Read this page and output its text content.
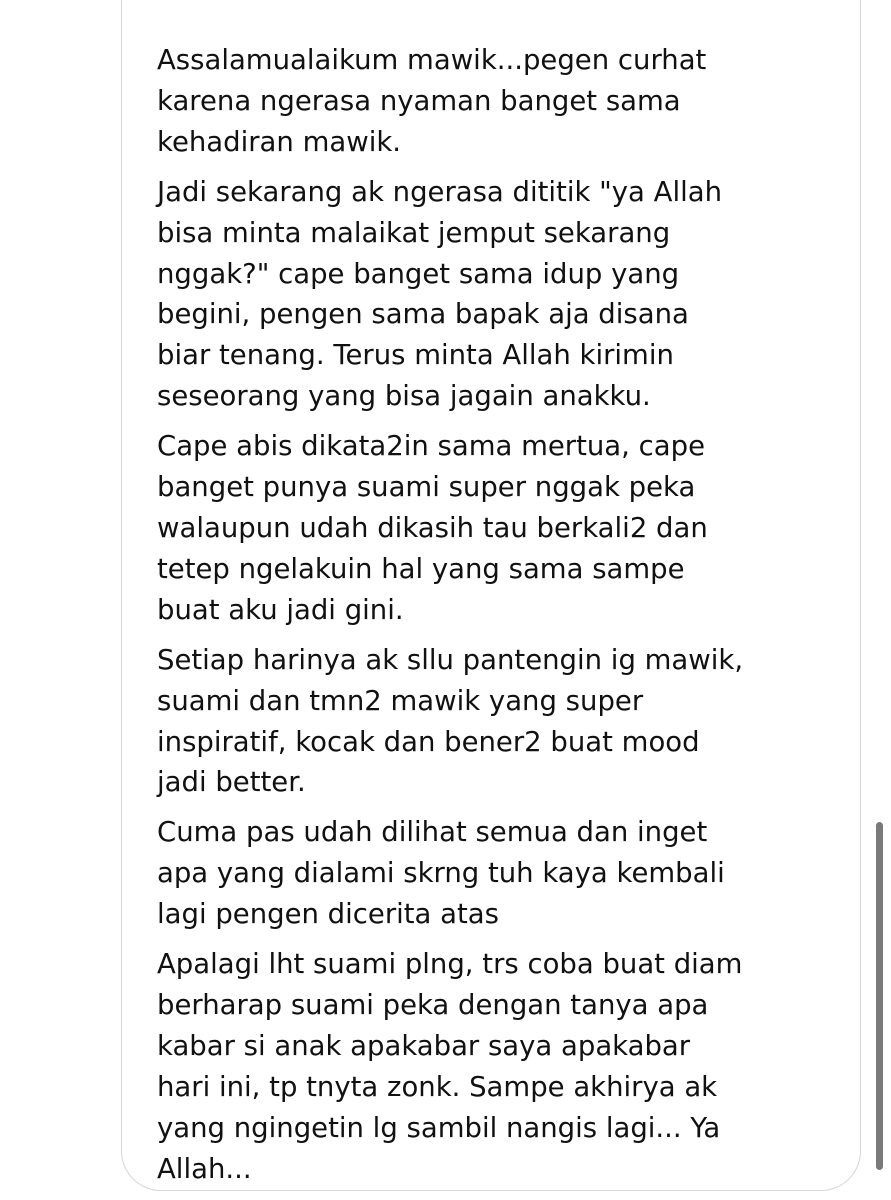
Assalamualaikum mawik...pegen curhat
karena ngerasa nyaman banget sama
kehadiran mawik.

Jadi sekarang ak ngerasa dititik "ya Allah
bisa minta malaikat jemput sekarang
nggak?" cape banget sama idup yang
begini, pengen sama bapak aja disana
biar tenang. Terus minta Allah kirimin
seseorang yang bisa jagain anakku.

Cape abis dikata2in sama mertua, cape
banget punya suami super nggak peka
walaupun udah dikasih tau berkali2 dan
tetep ngelakuin hal yang sama sampe
buat aku jadi gini.

Setiap harinya ak sllu pantengin ig mawik,
suami dan tmn2 mawik yang super
inspiratif, kocak dan bener2 buat mood
jadi better.

Cuma pas udah dilihat semua dan inget
apa yang dialami skrng tuh kaya kembali
lagi pengen dicerita atas

Apalagi lht suami plng, trs coba buat diam
berharap suami peka dengan tanya apa
kabar si anak apakabar saya apakabar
hari ini, tp tnyta zonk. Sampe akhirya ak
yang ngingetin lg sambil nangis lagi... Ya
Allah...
